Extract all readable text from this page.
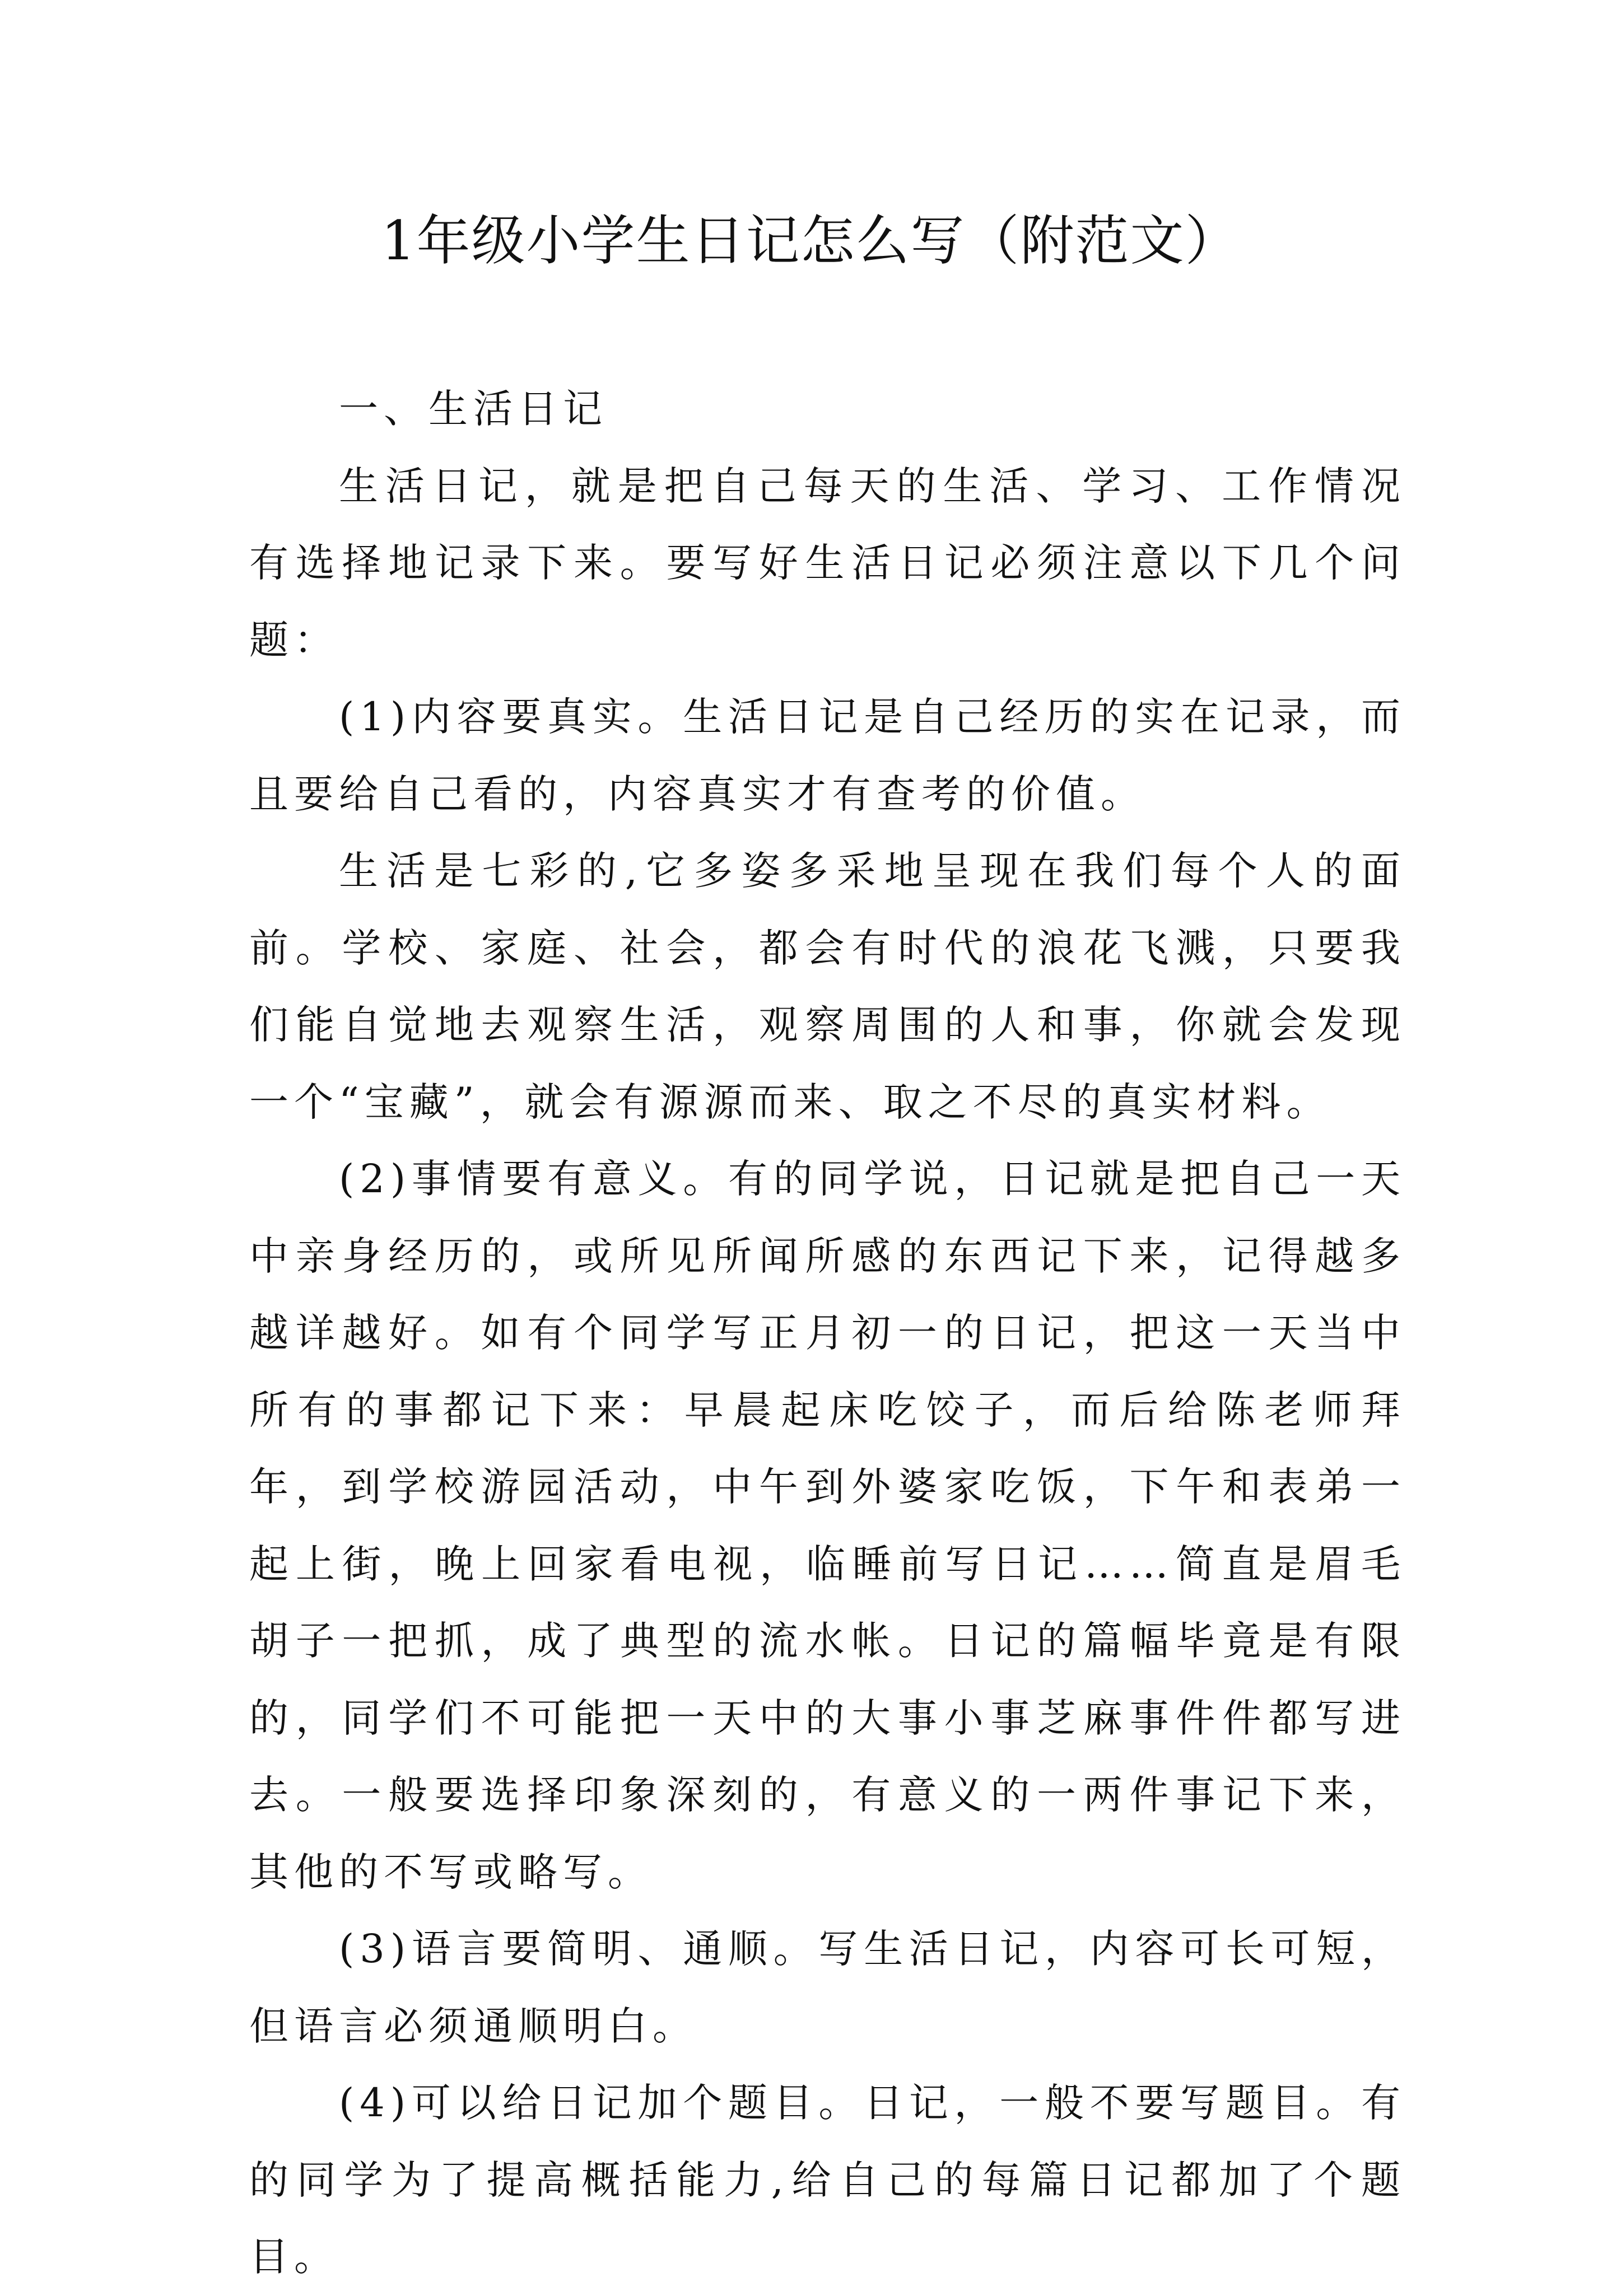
1年级小学生日记怎么写（附范文）

一、生活日记

生活日记，就是把自己每天的生活、学习、工作情况有选择地记录下来。要写好生活日记必须注意以下几个问题：

(1)内容要真实。生活日记是自己经历的实在记录，而且要给自己看的，内容真实才有查考的价值。

生活是七彩的,它多姿多采地呈现在我们每个人的面前。学校、家庭、社会，都会有时代的浪花飞溅，只要我们能自觉地去观察生活，观察周围的人和事，你就会发现一个“宝藏”，就会有源源而来、取之不尽的真实材料。

(2)事情要有意义。有的同学说，日记就是把自己一天中亲身经历的，或所见所闻所感的东西记下来，记得越多越详越好。如有个同学写正月初一的日记，把这一天当中所有的事都记下来：早晨起床吃饺子，而后给陈老师拜年，到学校游园活动，中午到外婆家吃饭，下午和表弟一起上街，晚上回家看电视，临睡前写日记……简直是眉毛胡子一把抓，成了典型的流水帐。日记的篇幅毕竟是有限的，同学们不可能把一天中的大事小事芝麻事件件都写进去。一般要选择印象深刻的，有意义的一两件事记下来，其他的不写或略写。

(3)语言要简明、通顺。写生活日记，内容可长可短，但语言必须通顺明白。

(4)可以给日记加个题目。日记，一般不要写题目。有的同学为了提高概括能力,给自己的每篇日记都加了个题目。
